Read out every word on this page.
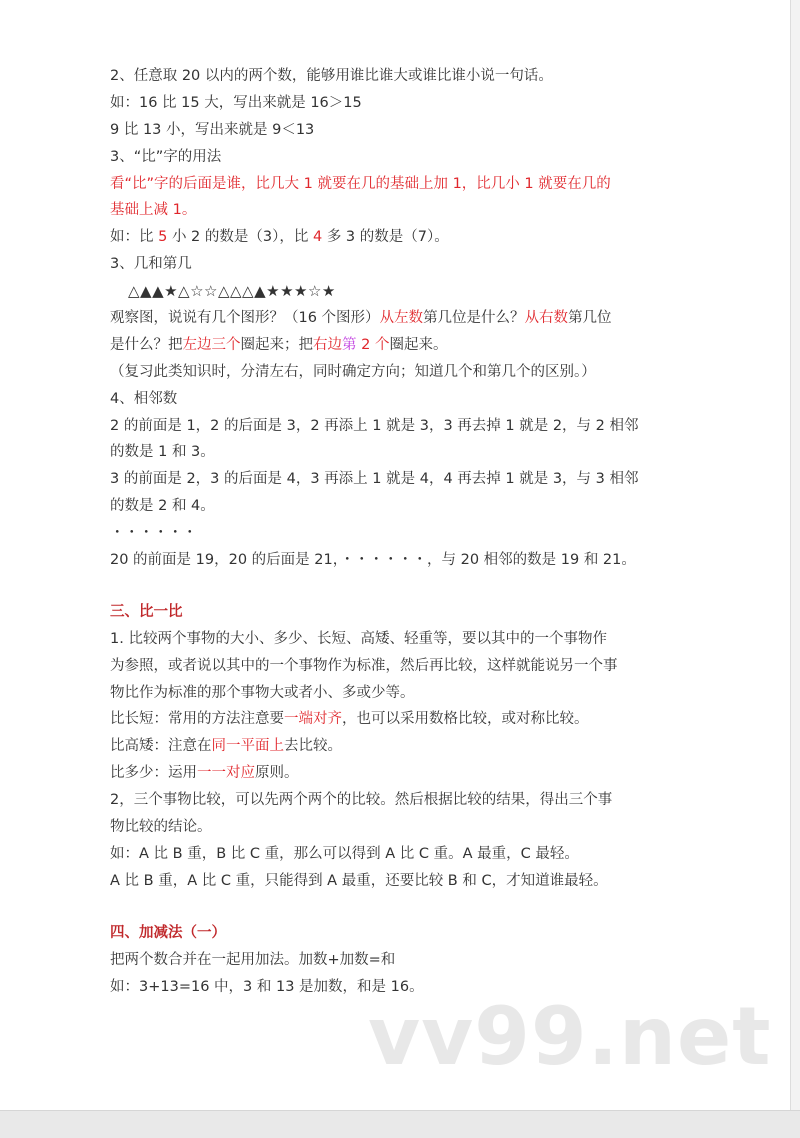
2、任意取 20 以内的两个数，能够用谁比谁大或谁比谁小说一句话。
如：16 比 15 大，写出来就是 16＞15
9 比 13 小，写出来就是 9＜13
3、“比”字的用法
看“比”字的后面是谁，比几大 1 就要在几的基础上加 1，比几小 1 就要在几的
基础上减 1。
如：比 5 小 2 的数是（3），比 4 多 3 的数是（7）。
3、几和第几
△▲▲★△☆☆△△△▲★★★☆★
观察图，说说有几个图形？（16 个图形）从左数第几位是什么？从右数第几位
是什么？把左边三个圈起来；把右边第 2 个圈起来。
（复习此类知识时，分清左右，同时确定方向；知道几个和第几个的区别。）
4、相邻数
2 的前面是 1，2 的后面是 3，2 再添上 1 就是 3，3 再去掉 1 就是 2，与 2 相邻
的数是 1 和 3。
3 的前面是 2，3 的后面是 4，3 再添上 1 就是 4，4 再去掉 1 就是 3，与 3 相邻
的数是 2 和 4。
・・・・・・
20 的前面是 19，20 的后面是 21，・・・・・・，与 20 相邻的数是 19 和 21。
三、比一比
1. 比较两个事物的大小、多少、长短、高矮、轻重等，要以其中的一个事物作
为参照，或者说以其中的一个事物作为标准，然后再比较，这样就能说另一个事
物比作为标准的那个事物大或者小、多或少等。
比长短：常用的方法注意要一端对齐，也可以采用数格比较，或对称比较。
比高矮：注意在同一平面上去比较。
比多少：运用一一对应原则。
2，三个事物比较，可以先两个两个的比较。然后根据比较的结果，得出三个事
物比较的结论。
如：A 比 B 重，B 比 C 重，那么可以得到 A 比 C 重。A 最重，C 最轻。
A 比 B 重，A 比 C 重，只能得到 A 最重，还要比较 B 和 C，才知道谁最轻。
四、加减法（一）
把两个数合并在一起用加法。加数+加数=和
如：3+13=16 中，3 和 13 是加数，和是 16。
vv99.net
